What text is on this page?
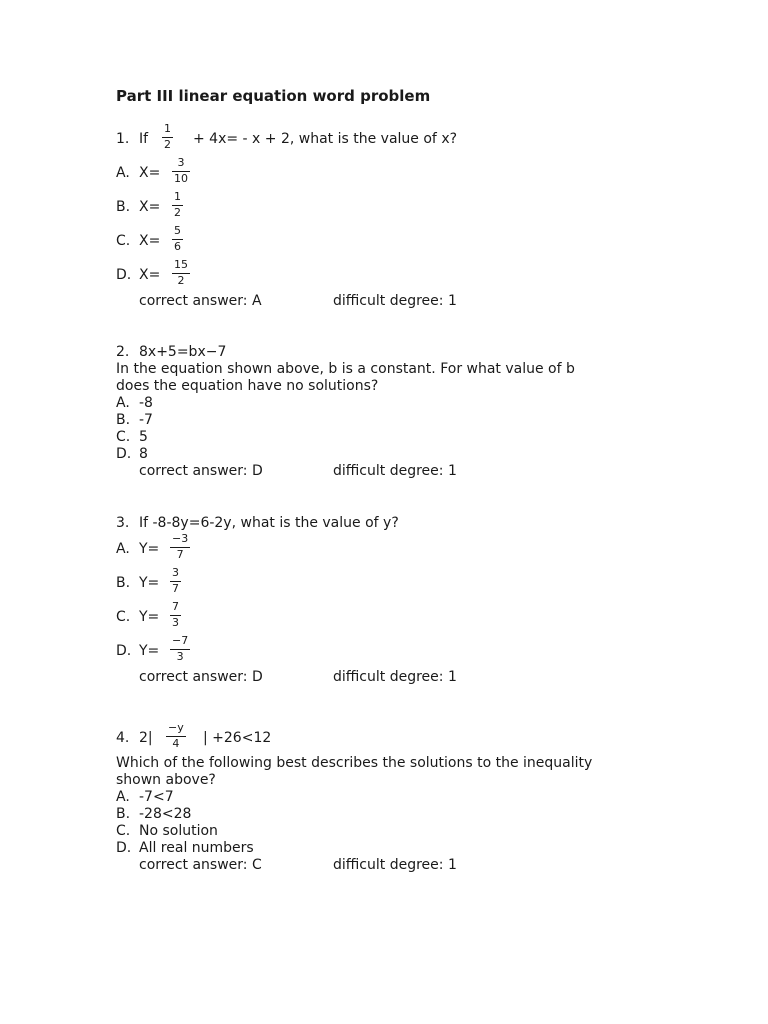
Part III linear equation word problem
1. If
1
2 + 4x= - x + 2, what is the value of x?
A. X=
3
10
B. X=
1
2
C. X=
5
6
D. X=
15
2
correct answer: A	difficult degree: 1
2. 8x+5=bx−7
In the equation shown above, b is a constant. For what value of b
does the equation have no solutions?
A. -8
B. -7
C. 5
D. 8
correct answer: D	difficult degree: 1
3. If -8-8y=6-2y, what is the value of y?
A. Y=
−3
7
B. Y=
3
7
C. Y=
7
3
D. Y=
−7
3
correct answer: D	difficult degree: 1
4. 2|
−y
4	| +26<12
Which of the following best describes the solutions to the inequality
shown above?
A. -7<7
B. -28<28
C. No solution
D. All real numbers
correct answer: C	difficult degree: 1
